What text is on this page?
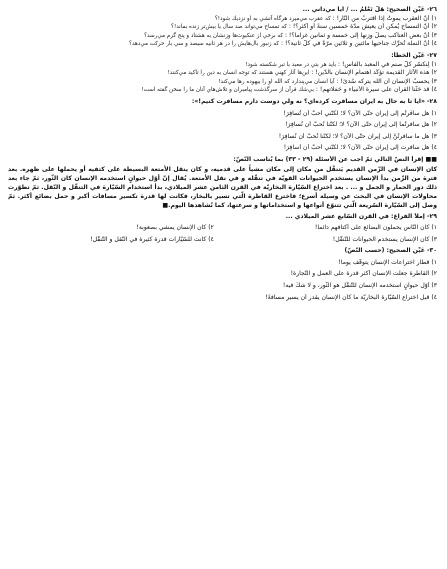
٢٦- عَيِّن الصحيح: هَلْ تَعْلَمُ ... / آيا مي‌داني ...
١) أنّ العقرب يموتُ إذا اقتربُ من النّار! : كه عقرب مي‌ميرد هرگاه آتشي به او نزديك شود!؟
٢) أنّ التمساح يُمكن أن يعيش مدّة خمسين سنةً أو أكثر؟! : كه تمساح مي‌تواند صد سال يا بيش‌تر زنده بماند!؟
٣) أنّ بعض العناكب يصلُ وزنها إلى خمسة و ثمانين غراماً؟! : كه برخي از عنكبوت‌ها وزنشان به هشتاد و پنج گرم مي‌رسد؟
٤) أنّ النملة تُحرِّك جناحيها مائتين و ثلاثين مرّةً في كلّ ثانية؟! : كه زنبور بال‌هايش را در هر ثانيه سيصد و سي بار حركت مي‌دهد؟
٢٧- عَيِّن الخطأ:
١) لِنكسّر كلّ صنم في المعبد بالفأس! : بايد هر بتي در معبد با تبر شكسته شود!
٢) هذه الآثار القديمة تؤكّد اهتمام الإنسان بالدّين! : اين‌ها آثار كهني هستند كه توجه انسان به دين را تأكيد مي‌كنند!
٣) يحسبُ الإنسان أن الله يتركه سُدىً! : آيا انسان مي‌پندارد كه الله او را بيهوده رها مي‌كند!
٤) قد حَثّنا القرآن على سيرة الأنبياء و حَمَلاتهم! : بي‌شك قرآن از سرگذشت پيامبران و تلاش‌هاي آنان ما را سخن گفته است!
٢٨- «آيا تا به حال به ايران مسافرت كرده‌اي؟ نه ولي دوست دارم مسافرت كنيم!»:
١) هل سافَرتُم إلى إيران حتّى الآن؟ لا؛ لكنّني أُحبُّ أن تُسافِرَ!
٢) هل سافرتُما إلى إيران حتّى الآن؟ لا؛ لكنّنا نُحبُّ أن نُسافِرَ!
٣) هل ما سافرتُنَّ إلى إيران حتّى الآن؟ لا؛ لكنّنا نُحبُّ أن نُسافِرَ!
٤) هل سافرت إلى إيران حتّى الآن؟ لا؛ لكنّني أُحبُّ أن أُسافِرَ!
■■ إقرأ النصّ التالي ثمّ أجب عن الأسئلة (٢٩ - ٣٣) بما يُناسب النّصّ:
كان الإنسان في الزّمن القديم يَتنقّل من مكان إلى مكان مشياً على قدميه، و كان ينقل الأمتعة البسيطة على كتفيه أو يحملها على ظهره. بعد فترة من الزّمن بدأ الإنسان يستخدم الحيوانات القويّة في تنقّله و في نقل الأمتعة. يُقال إنّ أوّل حيوانٍ استخدمه الإنسان كان الثّور، ثمّ جاء بعد ذلك دور الحمار و الجمل و ... . بعد اختراع السّيّارة البخاريّة في القرن الثامن عشر الميلادي، بدأ استخدام السّيّارة في التنقّل و النّقل. ثمّ تطوّرت محاولات الإنسان في البحث عن وسيلة أسرع؛ فاخترع القاطرة الّتي تسير بالبخار، فكانت لها قدرة تكسير مسافات أكبر و حمل بضائع أكثر. ثمّ وصل إلى السّيّارة السّريعة الّتي تتنوّع أنواعها و استخداماتها و سرعتها، كما نُشاهدها اليوم.■
٢٩- إملأ الفراغ: في القرن السّابع عشر الميلادي ...
١) كان النّاس يحملون البضائع على أكتافهم دائماً!
٢) كان الإنسان يمشي بصعوبة!
٣) كان الإنسان يستخدم الحيوانات للتّنقّل!
٤) كانت للسّيّارات قدرة كثيرة في النّقل و التّنقّل!
٣٠- عَيِّن الصحيح: (حسب النّصّ)
١) قطار اختراعات الإنسان يتوقّف يوماً!
٢) القاطرة جعلت الإنسان أكثر قدرة على العمل و التّجارة!
٣) أوّل حيوانٍ استخدمه الإنسان للتّنقّل هو الثّور، و لا شكّ فيه!
٤) قبل اختراع السّيّارة البخاريّة ما كان الإنسان يقدر أن يسير مسافةً!
